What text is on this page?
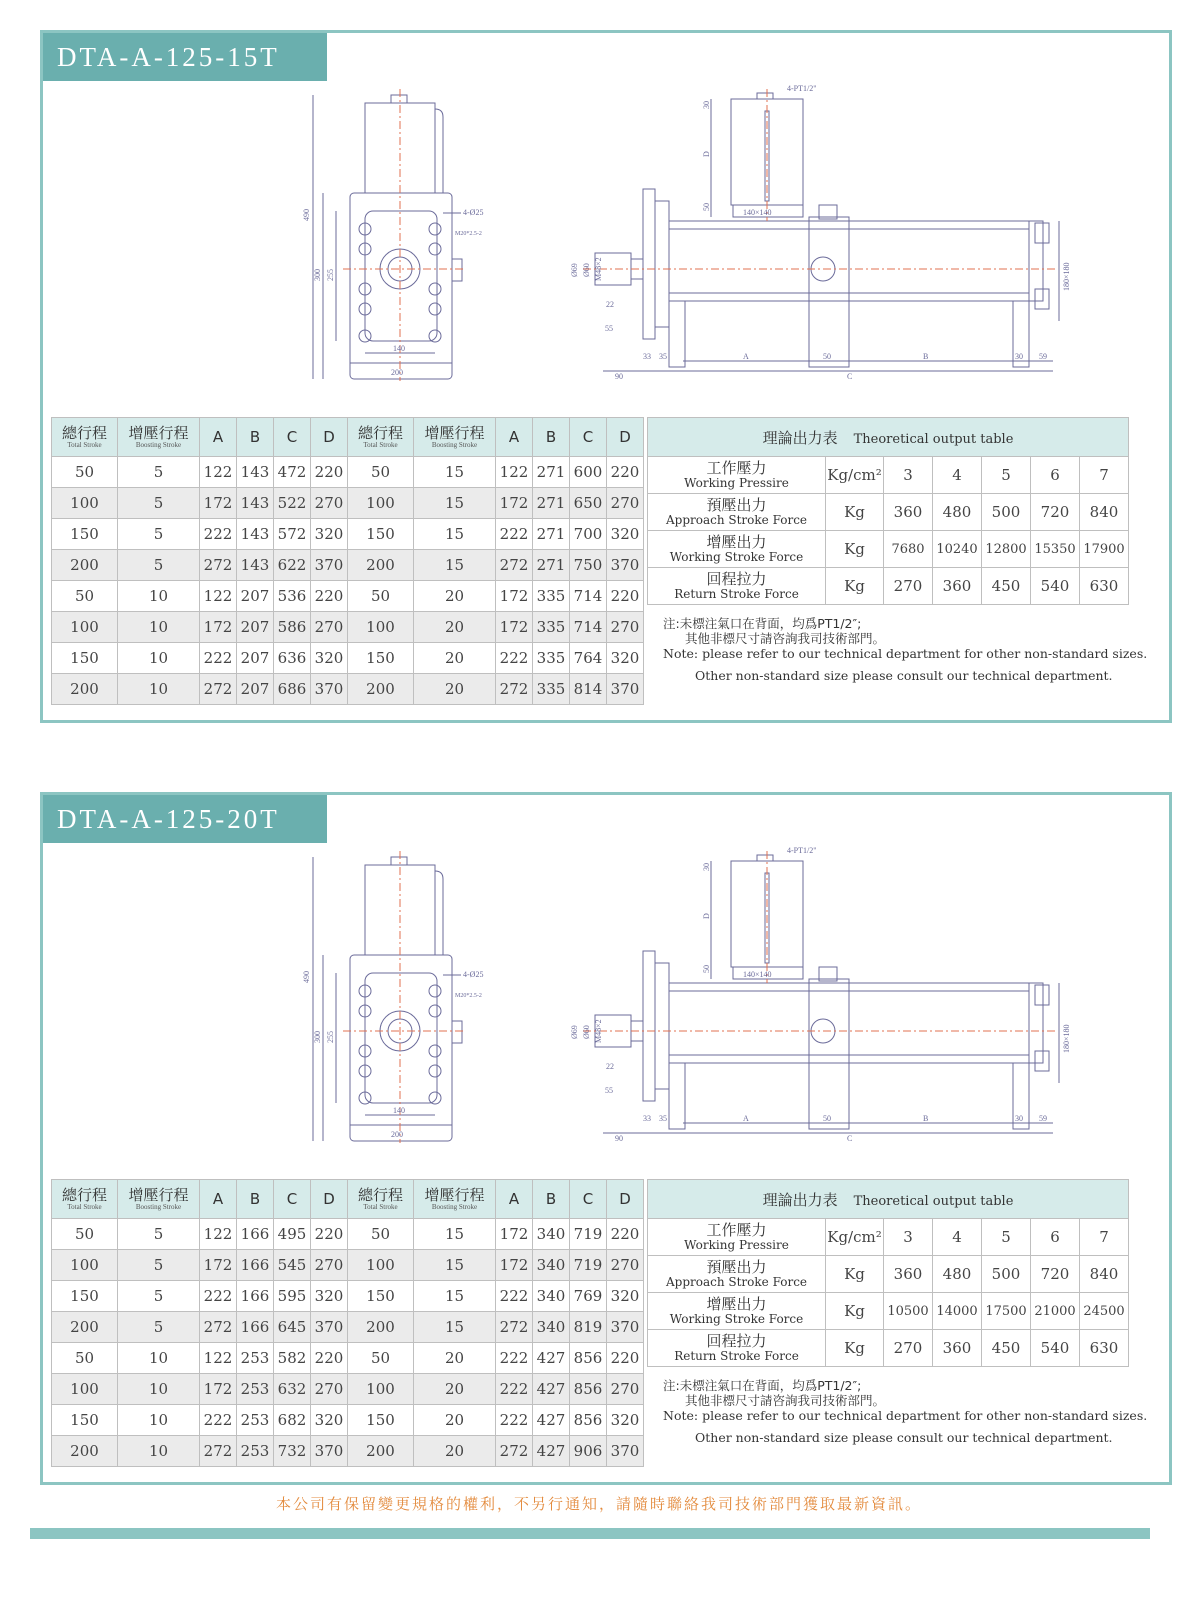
DTA-A-125-15T
490
300 255
140
200
4-Ø25
M20*2.5-2
4-PT1/2"
30
D
50
140×140
Ø69 Ø60 M48×2
22
55
33 35	A	50	B	30 59
90	C
180×180
總行程
Total Stroke	增壓行程
Boosting Stroke	A	B	C	D	總行程
Total Stroke	增壓行程
Boosting Stroke	A	B	C	D

50	5	122	143	472	220	50	15	122	271	600	220
100	5	172	143	522	270	100	15	172	271	650	270
150	5	222	143	572	320	150	15	222	271	700	320
200	5	272	143	622	370	200	15	272	271	750	370
50	10	122	207	536	220	50	20	172	335	714	220
100	10	172	207	586	270	100	20	172	335	714	270
150	10	222	207	636	320	150	20	222	335	764	320
200	10	272	207	686	370	200	20	272	335	814	370
理論出力表 Theoretical output table						

工作壓力
Working Pressire	Kg/cm²	3	4	5	6	7

預壓出力
Approach Stroke Force	Kg	360	480	500	720	840

增壓出力
Working Stroke Force	Kg	7680	10240	12800	15350	17900

回程拉力
Return Stroke Force	Kg	270	360	450	540	630
注:未標注氣口在背面，均爲PT1/2″;
其他非標尺寸請咨詢我司技術部門。
Note: please refer to our technical department for other non-standard sizes.
Other non-standard size please consult our technical department.
DTA-A-125-20T
490
300 255
140
200
4-Ø25
M20*2.5-2
4-PT1/2"
30
D
50
140×140
Ø69 Ø60 M48×2
22
55
33 35	A	50	B	30 59
90	C
180×180
總行程
Total Stroke	增壓行程
Boosting Stroke	A	B	C	D	總行程
Total Stroke	增壓行程
Boosting Stroke	A	B	C	D

50	5	122	166	495	220	50	15	172	340	719	220
100	5	172	166	545	270	100	15	172	340	719	270
150	5	222	166	595	320	150	15	222	340	769	320
200	5	272	166	645	370	200	15	272	340	819	370
50	10	122	253	582	220	50	20	222	427	856	220
100	10	172	253	632	270	100	20	222	427	856	270
150	10	222	253	682	320	150	20	222	427	856	320
200	10	272	253	732	370	200	20	272	427	906	370
理論出力表 Theoretical output table						

工作壓力
Working Pressire	Kg/cm²	3	4	5	6	7

預壓出力
Approach Stroke Force	Kg	360	480	500	720	840

增壓出力
Working Stroke Force	Kg	10500	14000	17500	21000	24500

回程拉力
Return Stroke Force	Kg	270	360	450	540	630
注:未標注氣口在背面，均爲PT1/2″;
其他非標尺寸請咨詢我司技術部門。
Note: please refer to our technical department for other non-standard sizes.
Other non-standard size please consult our technical department.
本公司有保留變更規格的權利，不另行通知，請隨時聯絡我司技術部門獲取最新資訊。
